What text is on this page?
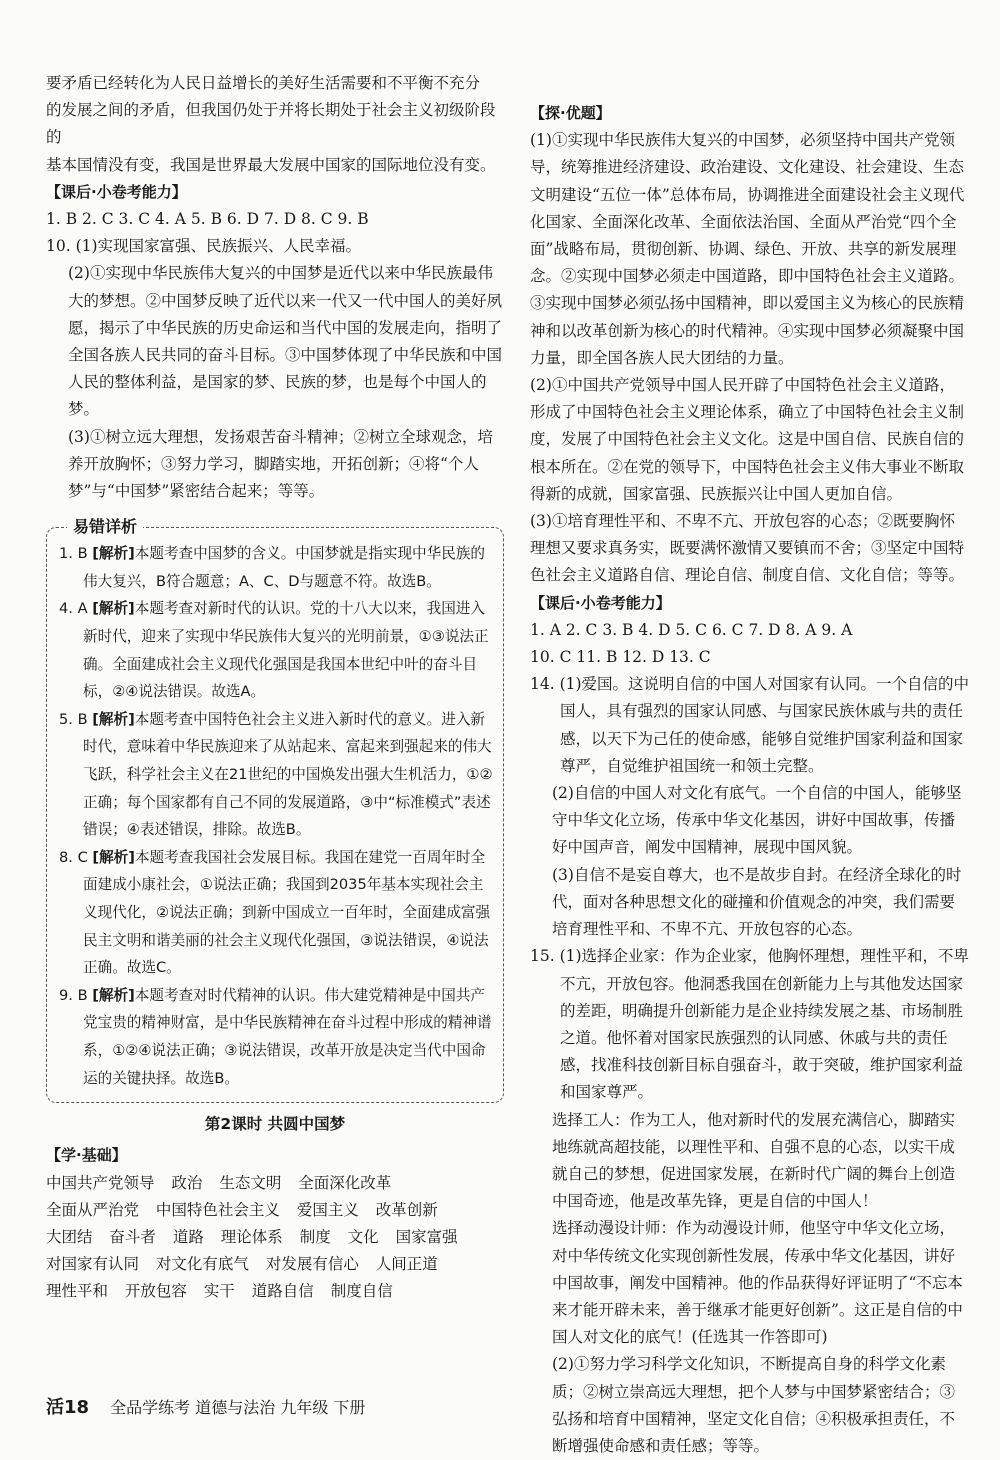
要矛盾已经转化为人民日益增长的美好生活需要和不平衡不充分

的发展之间的矛盾，但我国仍处于并将长期处于社会主义初级阶段的

基本国情没有变，我国是世界最大发展中国家的国际地位没有变。

【课后·小卷考能力】

1. B 2. C 3. C 4. A 5. B 6. D 7. D 8. C 9. B

10. (1)实现国家富强、民族振兴、人民幸福。

(2)①实现中华民族伟大复兴的中国梦是近代以来中华民族最伟大的梦想。②中国梦反映了近代以来一代又一代中国人的美好夙愿，揭示了中华民族的历史命运和当代中国的发展走向，指明了全国各族人民共同的奋斗目标。③中国梦体现了中华民族和中国人民的整体利益，是国家的梦、民族的梦，也是每个中国人的梦。

(3)①树立远大理想，发扬艰苦奋斗精神；②树立全球观念，培养开放胸怀；③努力学习，脚踏实地，开拓创新；④将“个人梦”与“中国梦”紧密结合起来；等等。

易错详析

1. B [解析]本题考查中国梦的含义。中国梦就是指实现中华民族的伟大复兴，B符合题意；A、C、D与题意不符。故选B。

4. A [解析]本题考查对新时代的认识。党的十八大以来，我国进入新时代，迎来了实现中华民族伟大复兴的光明前景，①③说法正确。全面建成社会主义现代化强国是我国本世纪中叶的奋斗目标，②④说法错误。故选A。

5. B [解析]本题考查中国特色社会主义进入新时代的意义。进入新时代，意味着中华民族迎来了从站起来、富起来到强起来的伟大飞跃，科学社会主义在21世纪的中国焕发出强大生机活力，①②正确；每个国家都有自己不同的发展道路，③中“标准模式”表述错误；④表述错误，排除。故选B。

8. C [解析]本题考查我国社会发展目标。我国在建党一百周年时全面建成小康社会，①说法正确；我国到2035年基本实现社会主义现代化，②说法正确；到新中国成立一百年时，全面建成富强民主文明和谐美丽的社会主义现代化强国，③说法错误，④说法正确。故选C。

9. B [解析]本题考查对时代精神的认识。伟大建党精神是中国共产党宝贵的精神财富，是中华民族精神在奋斗过程中形成的精神谱系，①②④说法正确；③说法错误，改革开放是决定当代中国命运的关键抉择。故选B。

第2课时 共圆中国梦

【学·基础】

中国共产党领导 政治 生态文明 全面深化改革

全面从严治党 中国特色社会主义 爱国主义 改革创新

大团结 奋斗者 道路 理论体系 制度 文化 国家富强

对国家有认同 对文化有底气 对发展有信心 人间正道

理性平和 开放包容 实干 道路自信 制度自信

【探·优题】

(1)①实现中华民族伟大复兴的中国梦，必须坚持中国共产党领导，统筹推进经济建设、政治建设、文化建设、社会建设、生态文明建设“五位一体”总体布局，协调推进全面建设社会主义现代化国家、全面深化改革、全面依法治国、全面从严治党“四个全面”战略布局，贯彻创新、协调、绿色、开放、共享的新发展理念。②实现中国梦必须走中国道路，即中国特色社会主义道路。③实现中国梦必须弘扬中国精神，即以爱国主义为核心的民族精神和以改革创新为核心的时代精神。④实现中国梦必须凝聚中国力量，即全国各族人民大团结的力量。

(2)①中国共产党领导中国人民开辟了中国特色社会主义道路，形成了中国特色社会主义理论体系，确立了中国特色社会主义制度，发展了中国特色社会主义文化。这是中国自信、民族自信的根本所在。②在党的领导下，中国特色社会主义伟大事业不断取得新的成就，国家富强、民族振兴让中国人更加自信。

(3)①培育理性平和、不卑不亢、开放包容的心态；②既要胸怀理想又要求真务实，既要满怀激情又要镇而不舍；③坚定中国特色社会主义道路自信、理论自信、制度自信、文化自信；等等。

【课后·小卷考能力】

1. A 2. C 3. B 4. D 5. C 6. C 7. D 8. A 9. A

10. C 11. B 12. D 13. C

14. (1)爱国。这说明自信的中国人对国家有认同。一个自信的中国人，具有强烈的国家认同感、与国家民族休戚与共的责任感，以天下为己任的使命感，能够自觉维护国家利益和国家尊严，自觉维护祖国统一和领土完整。

(2)自信的中国人对文化有底气。一个自信的中国人，能够坚守中华文化立场，传承中华文化基因，讲好中国故事，传播好中国声音，阐发中国精神，展现中国风貌。

(3)自信不是妄自尊大，也不是故步自封。在经济全球化的时代，面对各种思想文化的碰撞和价值观念的冲突，我们需要培育理性平和、不卑不亢、开放包容的心态。

15. (1)选择企业家：作为企业家，他胸怀理想，理性平和，不卑不亢，开放包容。他洞悉我国在创新能力上与其他发达国家的差距，明确提升创新能力是企业持续发展之基、市场制胜之道。他怀着对国家民族强烈的认同感、休戚与共的责任感，找准科技创新目标自强奋斗，敢于突破，维护国家利益和国家尊严。

选择工人：作为工人，他对新时代的发展充满信心，脚踏实地练就高超技能，以理性平和、自强不息的心态，以实干成就自己的梦想，促进国家发展，在新时代广阔的舞台上创造中国奇迹，他是改革先锋，更是自信的中国人！

选择动漫设计师：作为动漫设计师，他坚守中华文化立场，对中华传统文化实现创新性发展，传承中华文化基因，讲好中国故事，阐发中国精神。他的作品获得好评证明了“不忘本来才能开辟未来，善于继承才能更好创新”。这正是自信的中国人对文化的底气！(任选其一作答即可)

(2)①努力学习科学文化知识，不断提高自身的科学文化素质；②树立崇高远大理想，把个人梦与中国梦紧密结合；③弘扬和培育中国精神，坚定文化自信；④积极承担责任，不断增强使命感和责任感；等等。

活18 全品学练考 道德与法治 九年级 下册
